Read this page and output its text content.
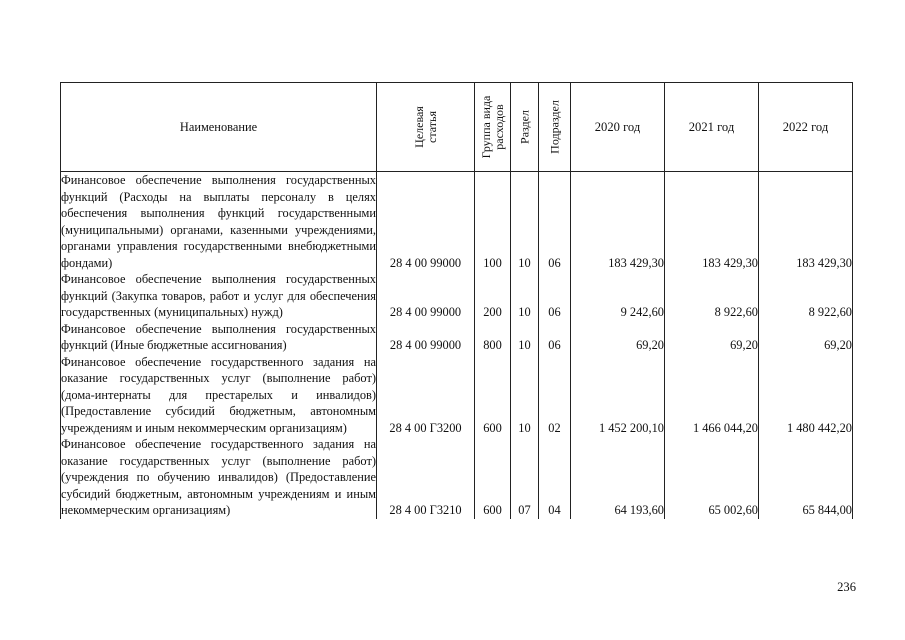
Наименование	Целевая статья	Группа вида расходов	Раздел	Подраздел	2020 год	2021 год	2022 год
Финансовое обеспечение выполнения государственных функций (Расходы на выплаты персоналу в целях обеспечения выполнения функций государственными (муниципальными) органами, казенными учреждениями, органами управления государственными внебюджетными фондами)	28 4 00 99000	100	10	06	183 429,30	183 429,30	183 429,30
Финансовое обеспечение выполнения государственных функций (Закупка товаров, работ и услуг для обеспечения государственных (муниципальных) нужд)	28 4 00 99000	200	10	06	9 242,60	8 922,60	8 922,60
Финансовое обеспечение выполнения государственных функций (Иные бюджетные ассигнования)	28 4 00 99000	800	10	06	69,20	69,20	69,20
Финансовое обеспечение государственного задания на оказание государственных услуг (выполнение работ) (дома-интернаты для престарелых и инвалидов) (Предоставление субсидий бюджетным, автономным учреждениям и иным некоммерческим организациям)	28 4 00 Г3200	600	10	02	1 452 200,10	1 466 044,20	1 480 442,20
Финансовое обеспечение государственного задания на оказание государственных услуг (выполнение работ) (учреждения по обучению инвалидов) (Предоставление субсидий бюджетным, автономным учреждениям и иным некоммерческим организациям)	28 4 00 Г3210	600	07	04	64 193,60	65 002,60	65 844,00
236
